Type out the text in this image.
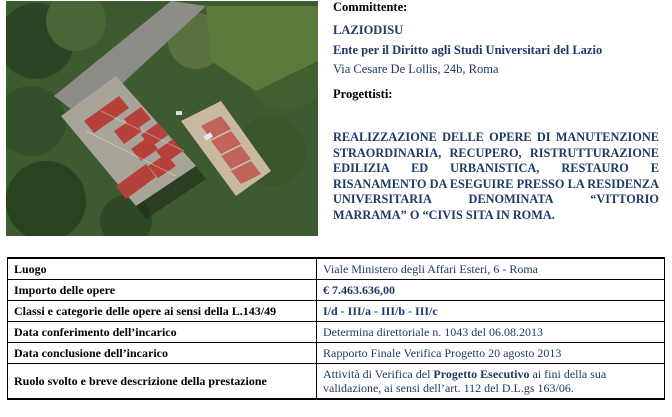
Committente:
LAZIODISU
Ente per il Diritto agli Studi Universitari del Lazio
Via Cesare De Lollis, 24b, Roma
Progettisti:

REALIZZAZIONE DELLE OPERE DI MANUTENZIONE STRAORDINARIA, RECUPERO, RISTRUTTURAZIONE EDILIZIA ED URBANISTICA, RESTAURO E RISANAMENTO DA ESEGUIRE PRESSO LA RESIDENZA UNIVERSITARIA DENOMINATA “VITTORIO MARRAMA” O “CIVIS SITA IN ROMA.

Luogo	Viale Ministero degli Affari Esteri, 6 - Roma
Importo delle opere	€ 7.463.636,00
Classi e categorie delle opere ai sensi della L.143/49	I/d - III/a - III/b - III/c
Data conferimento dell’incarico	Determina direttoriale n. 1043 del 06.08.2013
Data conclusione dell’incarico	Rapporto Finale Verifica Progetto 20 agosto 2013
Ruolo svolto e breve descrizione della prestazione	Attività di Verifica del Progetto Esecutivo ai fini della sua validazione, ai sensi dell’art. 112 del D.L.gs 163/06.
